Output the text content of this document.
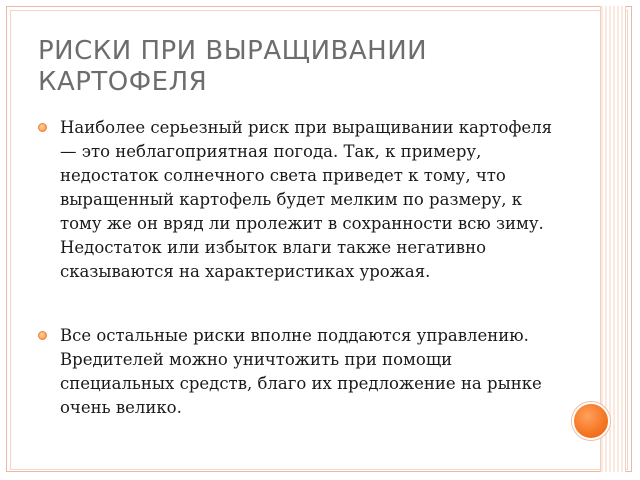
РИСКИ ПРИ ВЫРАЩИВАНИИ КАРТОФЕЛЯ
Наиболее серьезный риск при выращивании картофеля — это неблагоприятная погода. Так, к примеру, недостаток солнечного света приведет к тому, что выращенный картофель будет мелким по размеру, к тому же он вряд ли пролежит в сохранности всю зиму. Недостаток или избыток влаги также негативно сказываются на характеристиках урожая.
Все остальные риски вполне поддаются управлению. Вредителей можно уничтожить при помощи специальных средств, благо их предложение на рынке очень велико.
